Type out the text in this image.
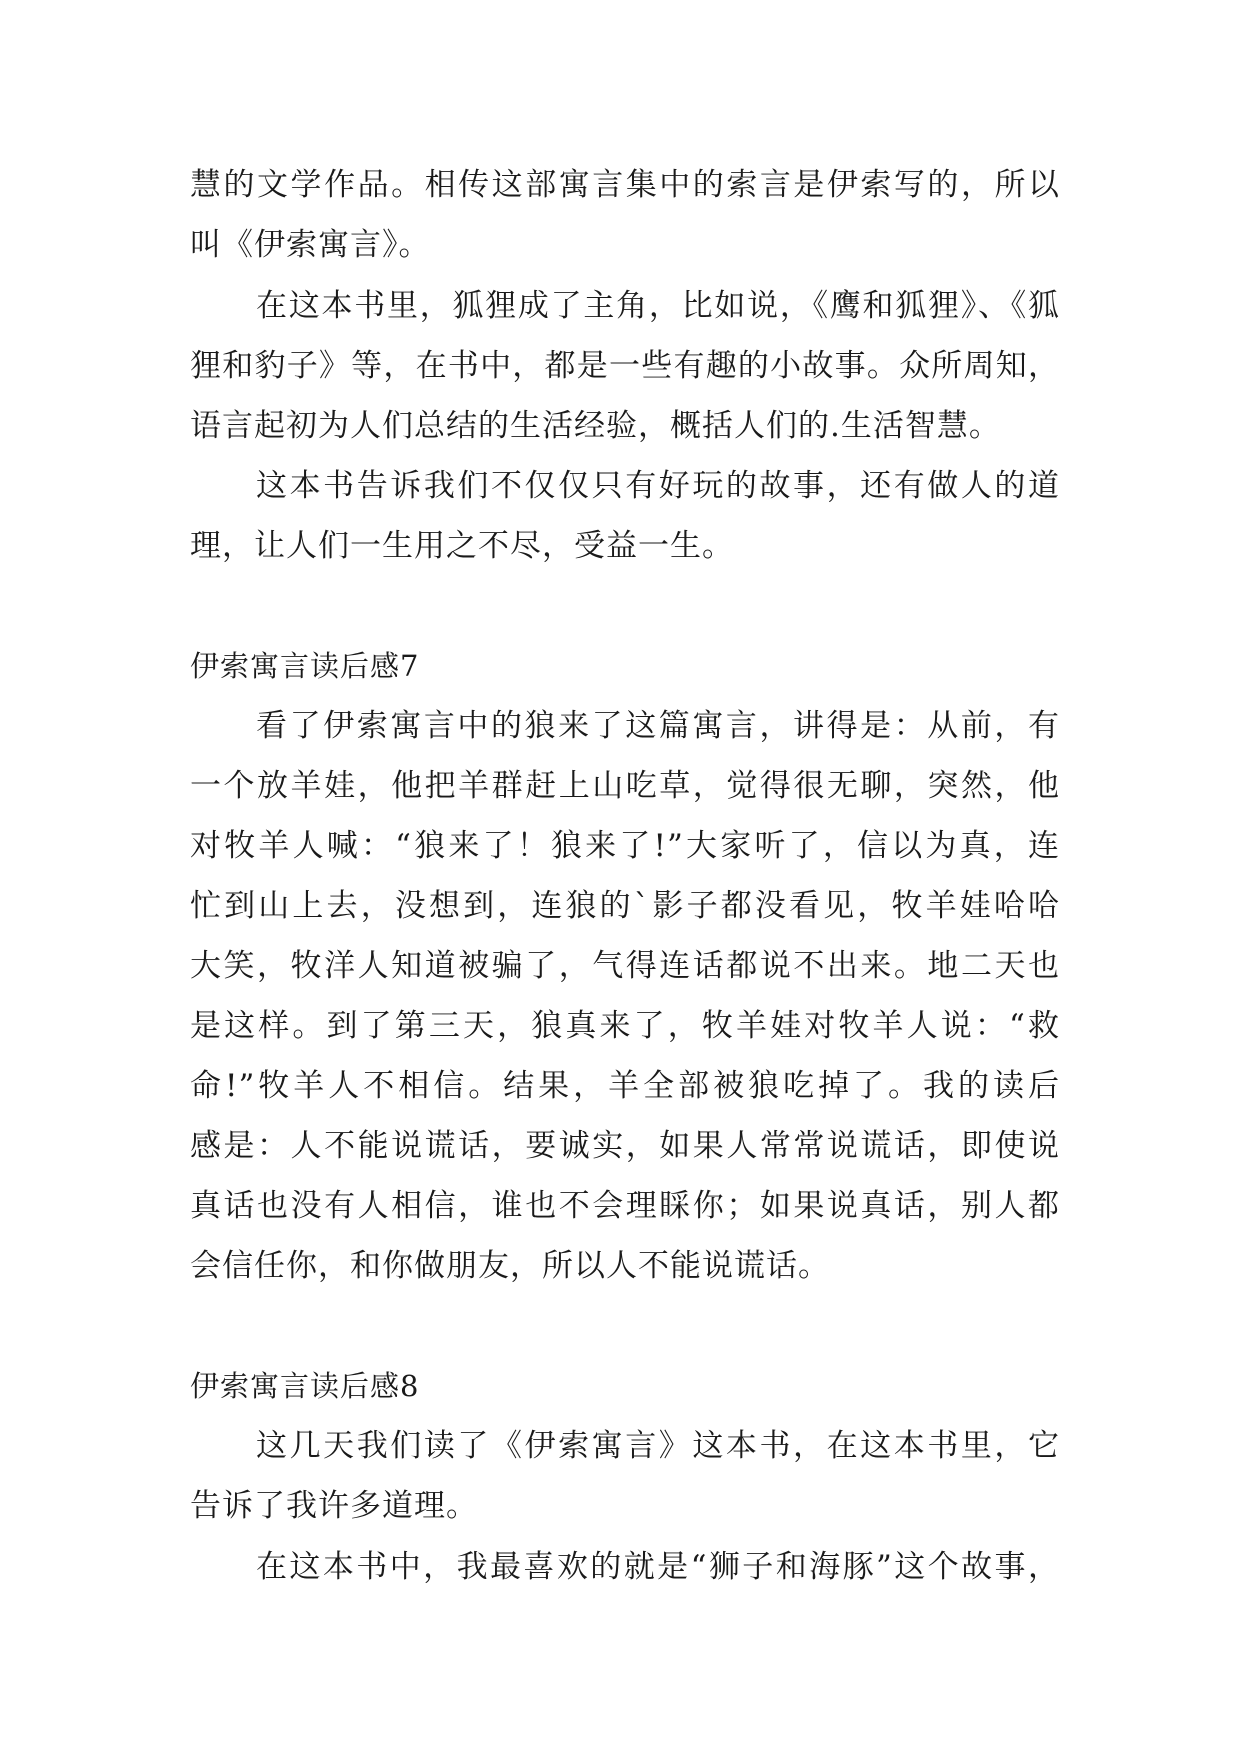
慧的文学作品。相传这部寓言集中的索言是伊索写的，所以
叫《伊索寓言》。
在这本书里，狐狸成了主角，比如说，《鹰和狐狸》、《狐
狸和豹子》等，在书中，都是一些有趣的小故事。众所周知，
语言起初为人们总结的生活经验，概括人们的.生活智慧。
这本书告诉我们不仅仅只有好玩的故事，还有做人的道
理，让人们一生用之不尽，受益一生。
伊索寓言读后感7
看了伊索寓言中的狼来了这篇寓言，讲得是：从前，有
一个放羊娃，他把羊群赶上山吃草，觉得很无聊，突然，他
对牧羊人喊：“狼来了！狼来了!”大家听了，信以为真，连
忙到山上去，没想到，连狼的`影子都没看见，牧羊娃哈哈
大笑，牧洋人知道被骗了，气得连话都说不出来。地二天也
是这样。到了第三天，狼真来了，牧羊娃对牧羊人说：“救
命!”牧羊人不相信。结果，羊全部被狼吃掉了。我的读后
感是：人不能说谎话，要诚实，如果人常常说谎话，即使说
真话也没有人相信，谁也不会理睬你；如果说真话，别人都
会信任你，和你做朋友，所以人不能说谎话。
伊索寓言读后感8
这几天我们读了《伊索寓言》这本书，在这本书里，它
告诉了我许多道理。
在这本书中，我最喜欢的就是“狮子和海豚”这个故事，
